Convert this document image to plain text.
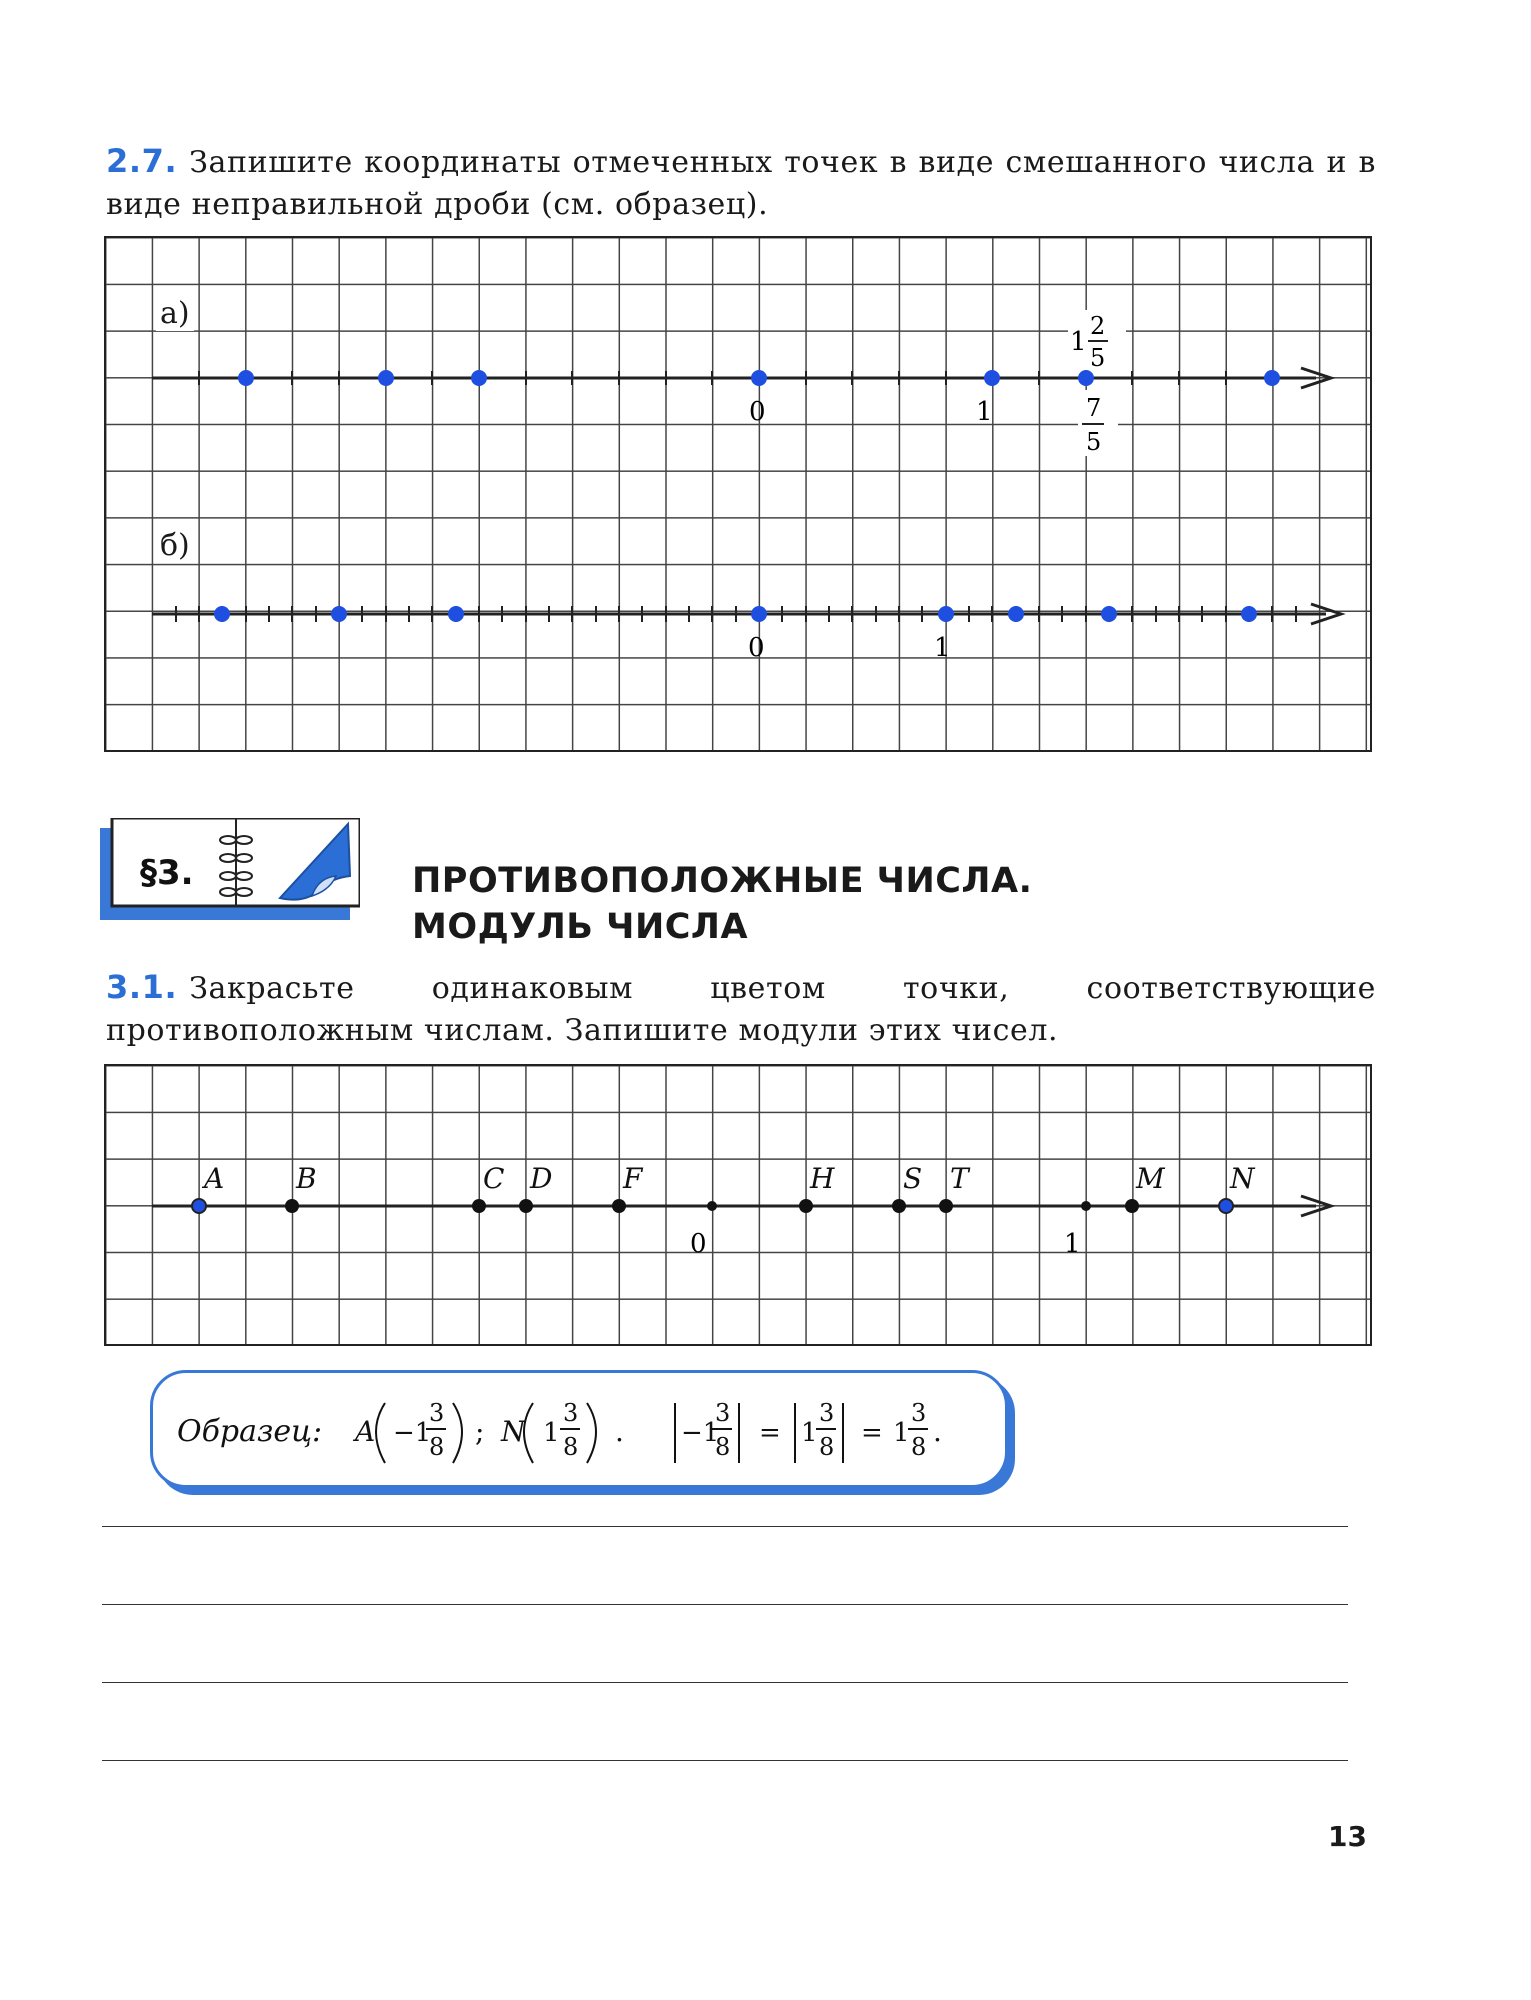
2.7. Запишите координаты отмеченных точек в виде смешанного числа и в виде неправильной дроби (см. образец).
а)
б)
0	1
1
2
5
7
5
0	1
§3.	ПРОТИВОПОЛОЖНЫЕ ЧИСЛА.
МОДУЛЬ ЧИСЛА
3.1. Закрасьте одинаковым цветом точки, соответствующие противоположным числам. Запишите модули этих чисел.
A	B	C D	F	H S T	M N
0	1
Образец: A −1
3
8 ; N 1
3
8 . −1
3
8 = 1
3
8 = 1
3
8 .
13
